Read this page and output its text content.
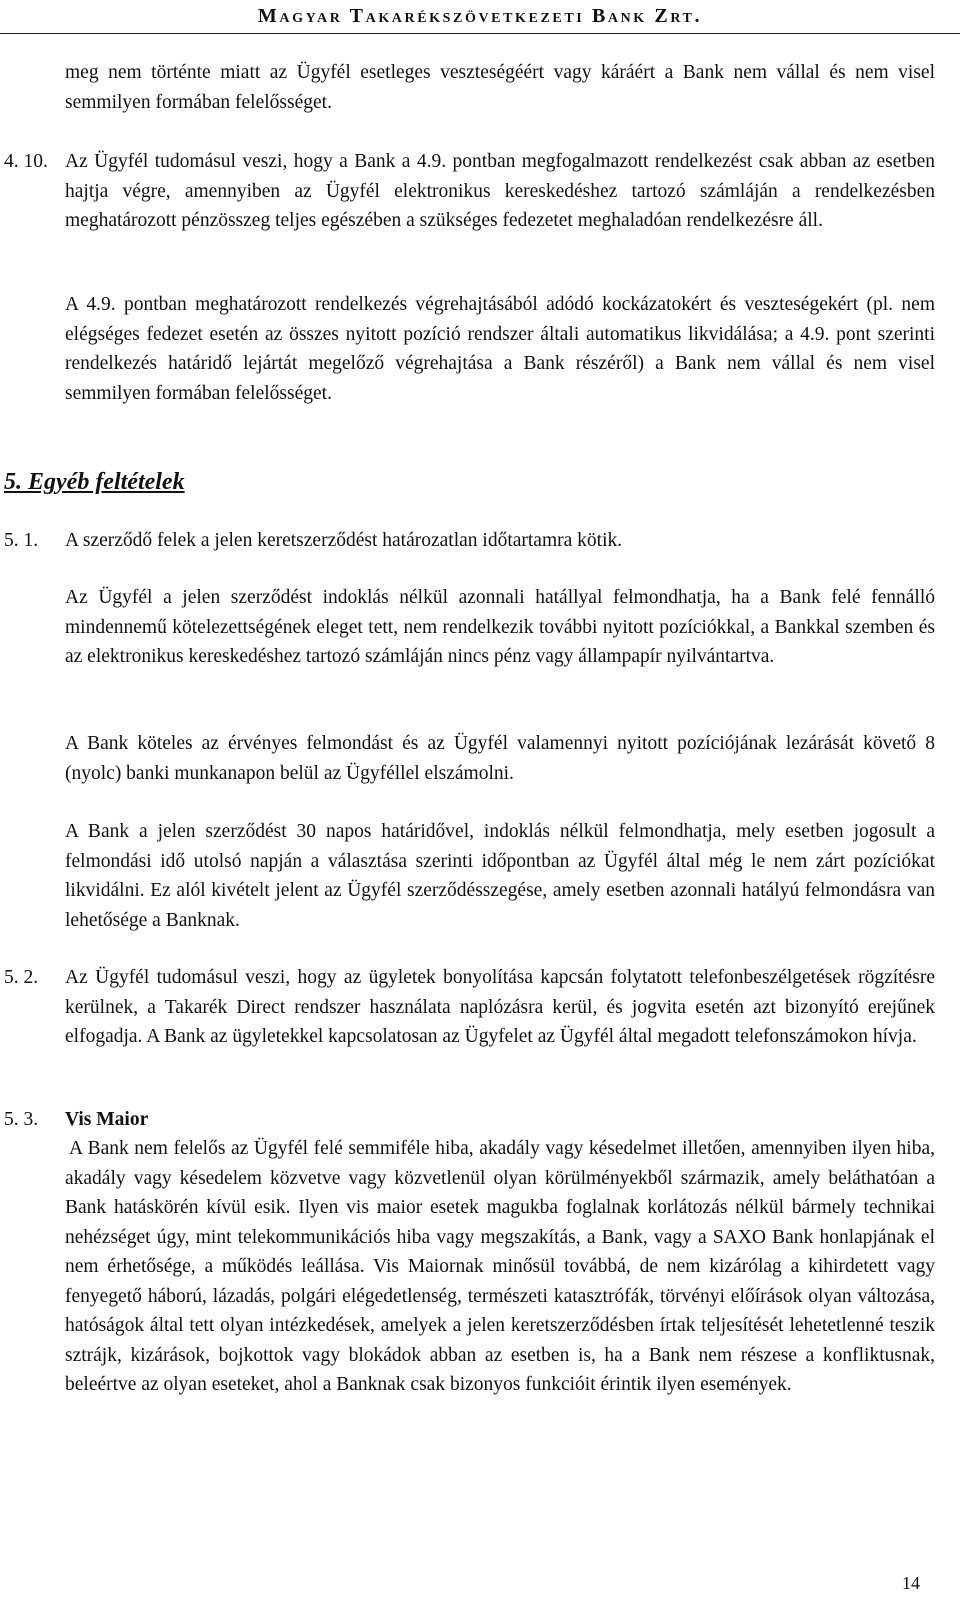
Magyar Takarékszövetkezeti Bank Zrt.
meg nem történte miatt az Ügyfél esetleges veszteségéért vagy káráért a Bank nem vállal és nem visel semmilyen formában felelősséget.
4. 10. Az Ügyfél tudomásul veszi, hogy a Bank a 4.9. pontban megfogalmazott rendelkezést csak abban az esetben hajtja végre, amennyiben az Ügyfél elektronikus kereskedéshez tartozó számláján a rendelkezésben meghatározott pénzösszeg teljes egészében a szükséges fedezetet meghaladóan rendelkezésre áll.
A 4.9. pontban meghatározott rendelkezés végrehajtásából adódó kockázatokért és veszteségekért (pl. nem elégséges fedezet esetén az összes nyitott pozíció rendszer általi automatikus likvidálása; a 4.9. pont szerinti rendelkezés határidő lejártát megelőző végrehajtása a Bank részéről) a Bank nem vállal és nem visel semmilyen formában felelősséget.
5. Egyéb feltételek
5. 1. A szerződő felek a jelen keretszerződést határozatlan időtartamra kötik.
Az Ügyfél a jelen szerződést indoklás nélkül azonnali hatállyal felmondhatja, ha a Bank felé fennálló mindennemű kötelezettségének eleget tett, nem rendelkezik további nyitott pozíciókkal, a Bankkal szemben és az elektronikus kereskedéshez tartozó számláján nincs pénz vagy állampapír nyilvántartva.
A Bank köteles az érvényes felmondást és az Ügyfél valamennyi nyitott pozíciójának lezárását követő 8 (nyolc) banki munkanapon belül az Ügyféllel elszámolni.
A Bank a jelen szerződést 30 napos határidővel, indoklás nélkül felmondhatja, mely esetben jogosult a felmondási idő utolsó napján a választása szerinti időpontban az Ügyfél által még le nem zárt pozíciókat likvidálni. Ez alól kivételt jelent az Ügyfél szerződésszegése, amely esetben azonnali hatályú felmondásra van lehetősége a Banknak.
5. 2. Az Ügyfél tudomásul veszi, hogy az ügyletek bonyolítása kapcsán folytatott telefonbeszélgetések rögzítésre kerülnek, a Takarék Direct rendszer használata naplózásra kerül, és jogvita esetén azt bizonyító erejűnek elfogadja. A Bank az ügyletekkel kapcsolatosan az Ügyfelet az Ügyfél által megadott telefonszámokon hívja.
5. 3. Vis Maior
A Bank nem felelős az Ügyfél felé semmiféle hiba, akadály vagy késedelmet illetően, amennyiben ilyen hiba, akadály vagy késedelem közvetve vagy közvetlenül olyan körülményekből származik, amely beláthatóan a Bank hatáskörén kívül esik. Ilyen vis maior esetek magukba foglalnak korlátozás nélkül bármely technikai nehézséget úgy, mint telekommunikációs hiba vagy megszakítás, a Bank, vagy a SAXO Bank honlapjának el nem érhetősége, a működés leállása. Vis Maiornak minősül továbbá, de nem kizárólag a kihirdetett vagy fenyegető háború, lázadás, polgári elégedetlenség, természeti katasztrófák, törvényi előírások olyan változása, hatóságok által tett olyan intézkedések, amelyek a jelen keretszerződésben írtak teljesítését lehetetlenné teszik sztrájk, kizárások, bojkottok vagy blokádok abban az esetben is, ha a Bank nem részese a konfliktusnak, beleértve az olyan eseteket, ahol a Banknak csak bizonyos funkcióit érintik ilyen események.
14
